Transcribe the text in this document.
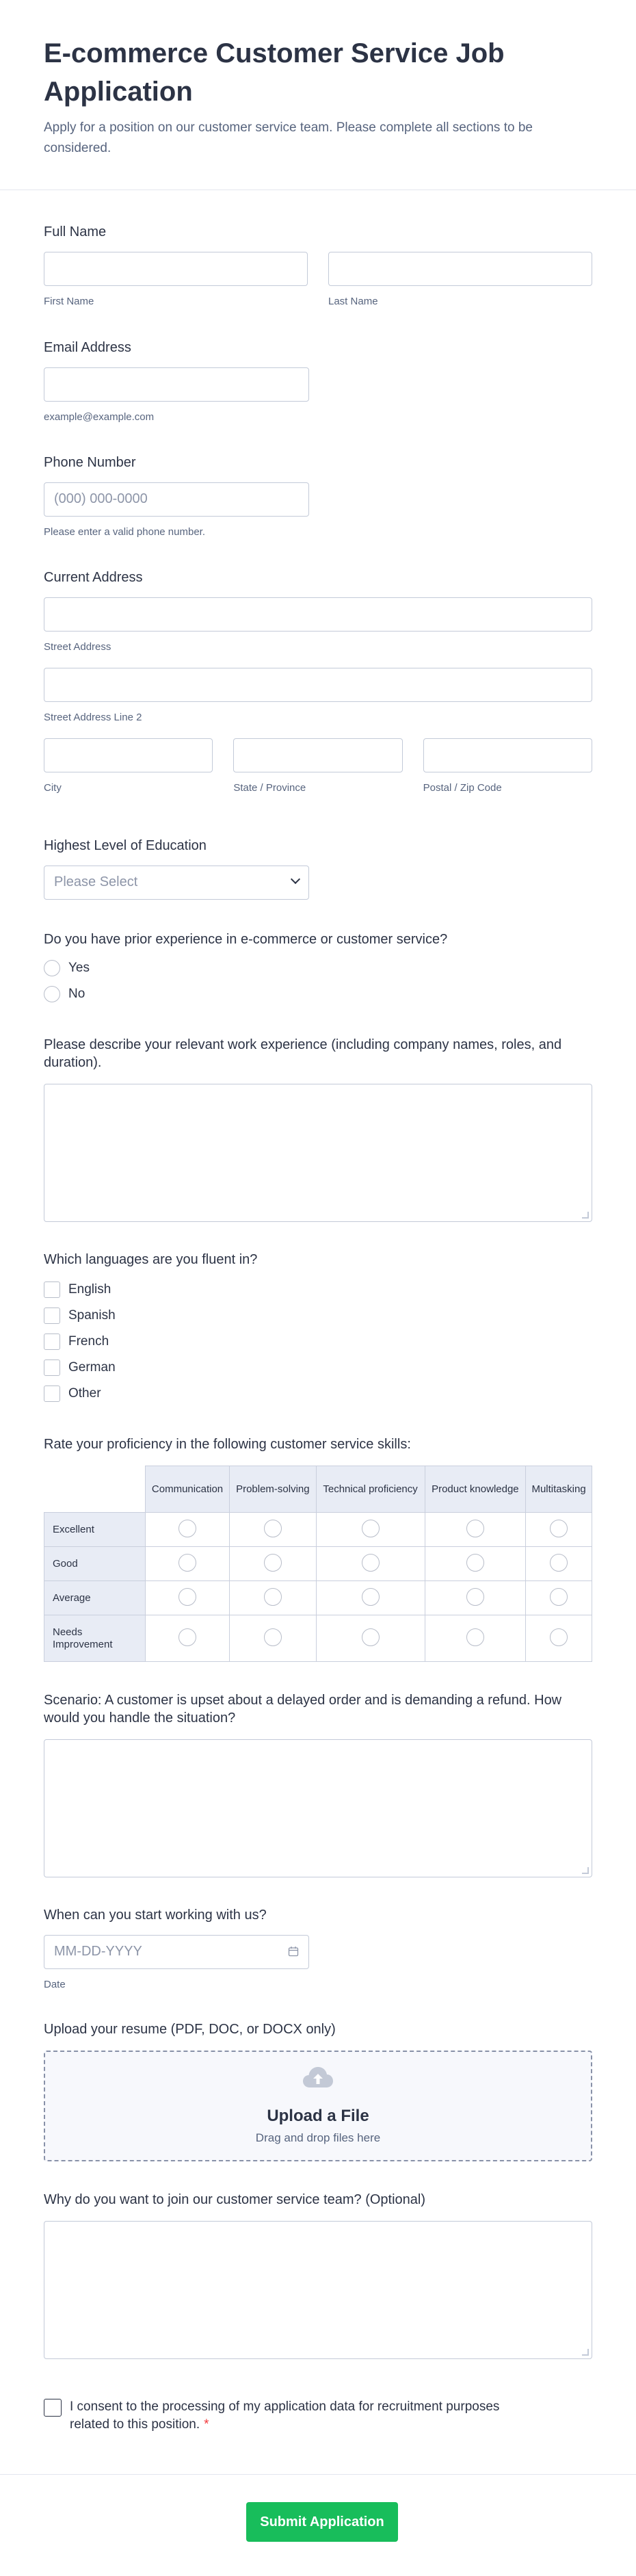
E-commerce Customer Service Job Application

Apply for a position on our customer service team. Please complete all sections to be considered.

Full Name
First Name	Last Name
Email Address
example@example.com
Phone Number
(000) 000-0000
Please enter a valid phone number.
Current Address
Street Address
Street Address Line 2
City	State / Province	Postal / Zip Code
Highest Level of Education
Please Select
Do you have prior experience in e-commerce or customer service?
Yes
No
Please describe your relevant work experience (including company names, roles, and duration).
Which languages are you fluent in?
English
Spanish
French
German
Other
Rate your proficiency in the following customer service skills:
	Communication	Problem-solving	Technical proficiency	Product knowledge	Multitasking
Excellent					
Good					
Average					
Needs Improvement					
Scenario: A customer is upset about a delayed order and is demanding a refund. How would you handle the situation?
When can you start working with us?
MM-DD-YYYY
Date
Upload your resume (PDF, DOC, or DOCX only)
Upload a File
Drag and drop files here
Why do you want to join our customer service team? (Optional)
I consent to the processing of my application data for recruitment purposes related to this position. *
Submit Application
